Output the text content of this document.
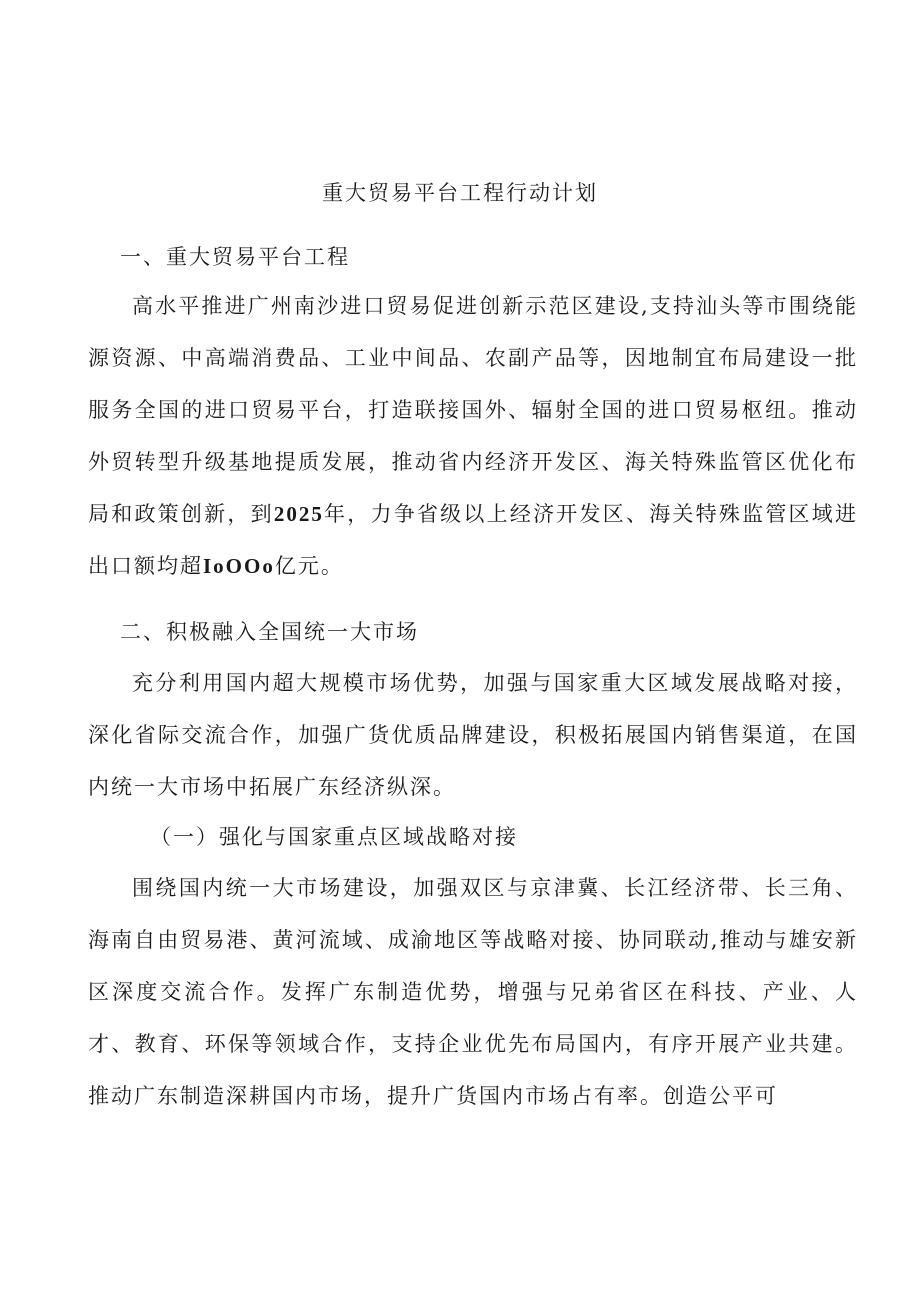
重大贸易平台工程行动计划
一、重大贸易平台工程

高水平推进广州南沙进口贸易促进创新示范区建设,支持汕头等市围绕能源资源、中高端消费品、工业中间品、农副产品等，因地制宜布局建设一批服务全国的进口贸易平台，打造联接国外、辐射全国的进口贸易枢纽。推动外贸转型升级基地提质发展，推动省内经济开发区、海关特殊监管区优化布局和政策创新，到2025年，力争省级以上经济开发区、海关特殊监管区域进出口额均超IoOOo亿元。

二、积极融入全国统一大市场

充分利用国内超大规模市场优势，加强与国家重大区域发展战略对接，深化省际交流合作，加强广货优质品牌建设，积极拓展国内销售渠道，在国内统一大市场中拓展广东经济纵深。

（一）强化与国家重点区域战略对接

围绕国内统一大市场建设，加强双区与京津冀、长江经济带、长三角、海南自由贸易港、黄河流域、成渝地区等战略对接、协同联动,推动与雄安新区深度交流合作。发挥广东制造优势，增强与兄弟省区在科技、产业、人才、教育、环保等领域合作，支持企业优先布局国内，有序开展产业共建。推动广东制造深耕国内市场，提升广货国内市场占有率。创造公平可
